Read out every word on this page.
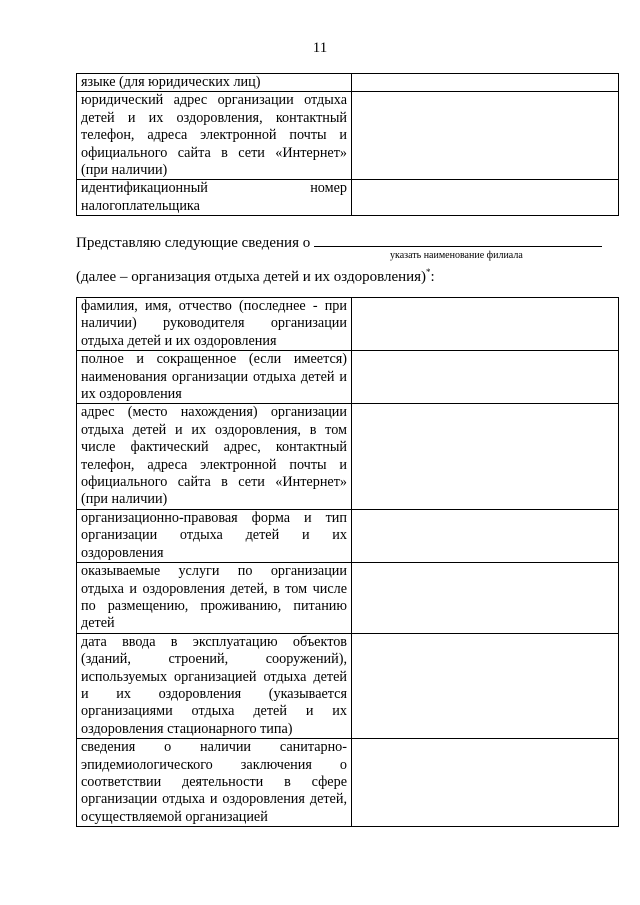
11
языке (для юридических лиц)	
юридический адрес организации отдыха детей и их оздоровления, контактный телефон, адреса электронной почты и официального сайта в сети «Интернет» (при наличии)	
идентификационный номер налогоплательщика	
Представляю следующие сведения о
указать наименование филиала
(далее – организация отдыха детей и их оздоровления)*:
фамилия, имя, отчество (последнее - при наличии) руководителя организации отдыха детей и их оздоровления	
полное и сокращенное (если имеется) наименования организации отдыха детей и их оздоровления	
адрес (место нахождения) организации отдыха детей и их оздоровления, в том числе фактический адрес, контактный телефон, адреса электронной почты и официального сайта в сети «Интернет» (при наличии)	
организационно-правовая форма и тип организации отдыха детей и их оздоровления	
оказываемые услуги по организации отдыха и оздоровления детей, в том числе по размещению, проживанию, питанию детей	
дата ввода в эксплуатацию объектов (зданий, строений, сооружений), используемых организацией отдыха детей и их оздоровления (указывается организациями отдыха детей и их оздоровления стационарного типа)	
сведения о наличии санитарно-эпидемиологического заключения о соответствии деятельности в сфере организации отдыха и оздоровления детей, осуществляемой организацией	
